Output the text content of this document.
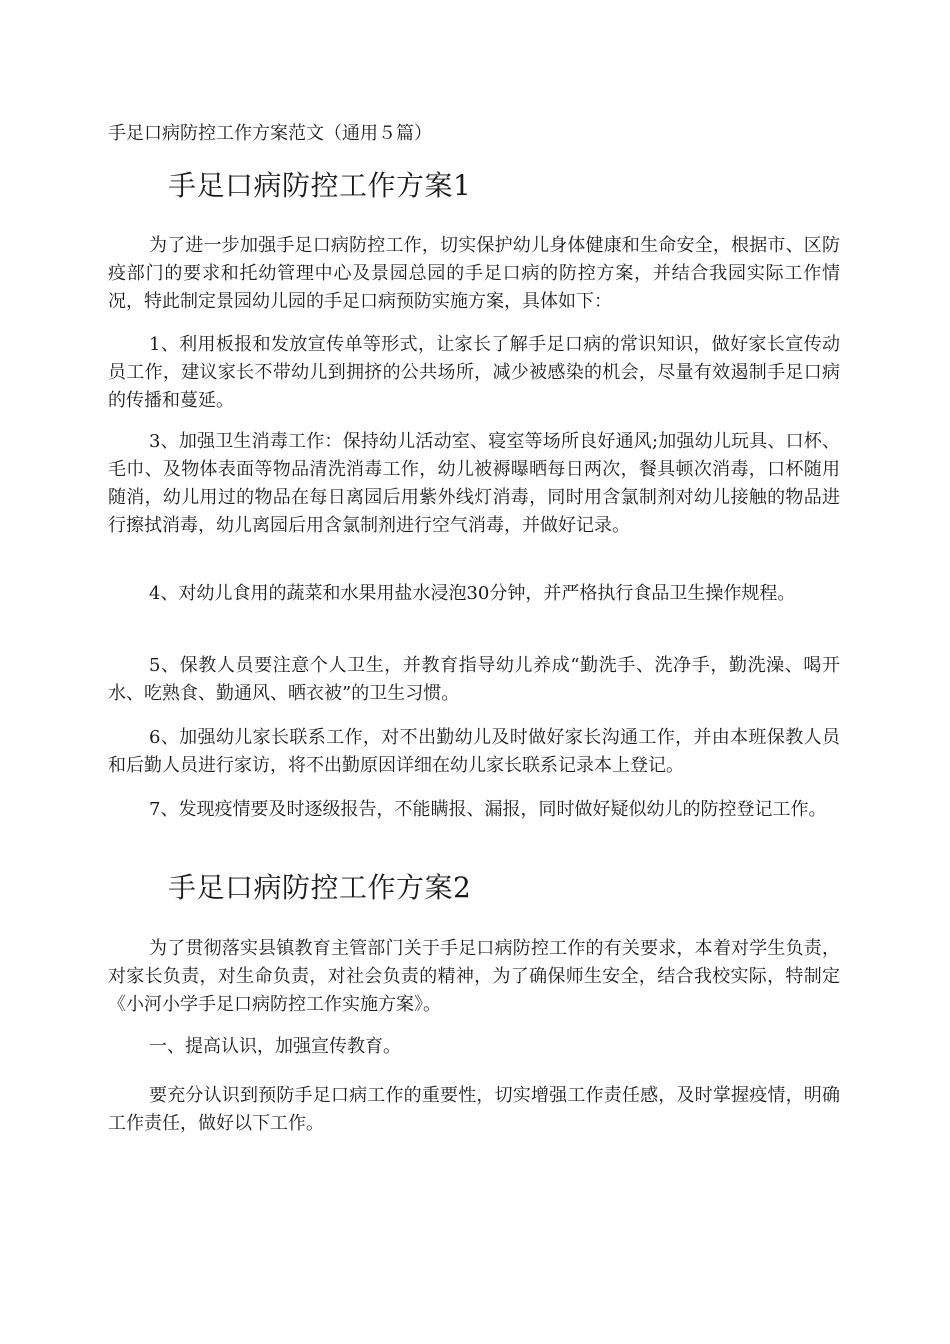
手足口病防控工作方案范文（通用５篇）
手足口病防控工作方案1

为了进一步加强手足口病防控工作，切实保护幼儿身体健康和生命安全，根据市、区防疫部门的要求和托幼管理中心及景园总园的手足口病的防控方案，并结合我园实际工作情况，特此制定景园幼儿园的手足口病预防实施方案，具体如下：

1、利用板报和发放宣传单等形式，让家长了解手足口病的常识知识，做好家长宣传动员工作，建议家长不带幼儿到拥挤的公共场所，减少被感染的机会，尽量有效遏制手足口病的传播和蔓延。

3、加强卫生消毒工作：保持幼儿活动室、寝室等场所良好通风;加强幼儿玩具、口杯、毛巾、及物体表面等物品清洗消毒工作，幼儿被褥曝晒每日两次，餐具顿次消毒，口杯随用随消，幼儿用过的物品在每日离园后用紫外线灯消毒，同时用含氯制剂对幼儿接触的物品进行擦拭消毒，幼儿离园后用含氯制剂进行空气消毒，并做好记录。

4、对幼儿食用的蔬菜和水果用盐水浸泡30分钟，并严格执行食品卫生操作规程。

5、保教人员要注意个人卫生，并教育指导幼儿养成“勤洗手、洗净手，勤洗澡、喝开水、吃熟食、勤通风、晒衣被”的卫生习惯。

6、加强幼儿家长联系工作，对不出勤幼儿及时做好家长沟通工作，并由本班保教人员和后勤人员进行家访，将不出勤原因详细在幼儿家长联系记录本上登记。

7、发现疫情要及时逐级报告，不能瞒报、漏报，同时做好疑似幼儿的防控登记工作。

手足口病防控工作方案2

为了贯彻落实县镇教育主管部门关于手足口病防控工作的有关要求，本着对学生负责，对家长负责，对生命负责，对社会负责的精神，为了确保师生安全，结合我校实际，特制定《小河小学手足口病防控工作实施方案》。

一、提高认识，加强宣传教育。

要充分认识到预防手足口病工作的重要性，切实增强工作责任感，及时掌握疫情，明确工作责任，做好以下工作。
